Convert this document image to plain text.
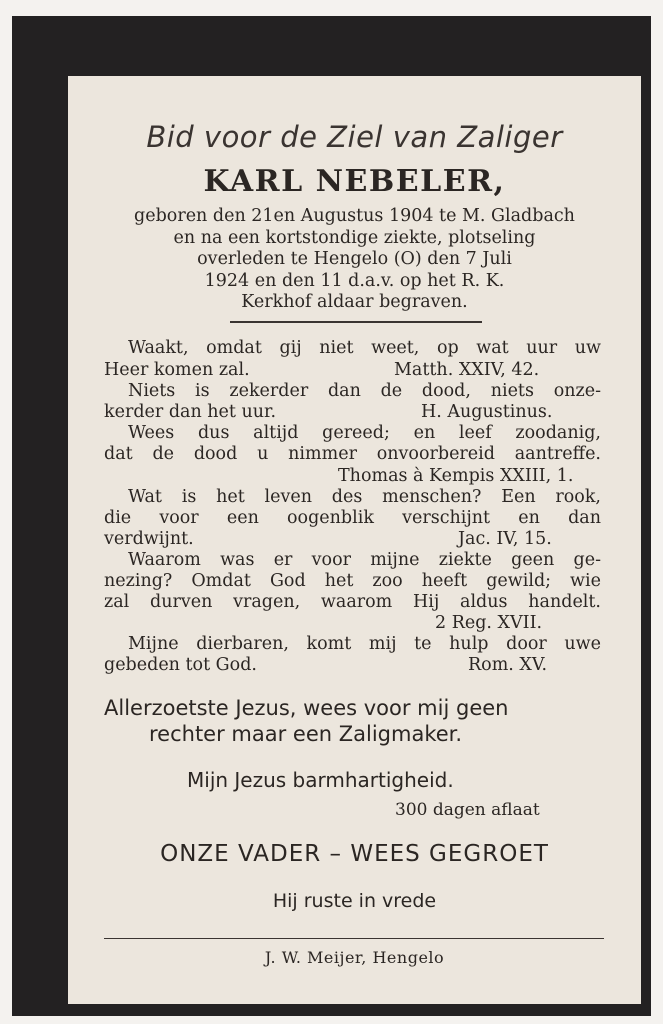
Bid voor de Ziel van Zaliger

KARL NEBELER,

geboren den 21en Augustus 1904 te M. Gladbach

en na een kortstondige ziekte, plotseling

overleden te Hengelo (O) den 7 Juli

1924 en den 11 d.a.v. op het R. K.

Kerkhof aldaar begraven.

Waakt, omdat gij niet weet, op wat uur uw
Heer komen zal.	Matth. XXIV, 42.
Niets is zekerder dan de dood, niets onze-
kerder dan het uur.	H. Augustinus.
Wees dus altijd gereed; en leef zoodanig,
dat de dood u nimmer onvoorbereid aantreffe.
Thomas à Kempis XXIII, 1.
Wat is het leven des menschen? Een rook,
die voor een oogenblik verschijnt en dan
verdwijnt.	Jac. IV, 15.
Waarom was er voor mijne ziekte geen ge-
nezing? Omdat God het zoo heeft gewild; wie
zal durven vragen, waarom Hij aldus handelt.
2 Reg. XVII.
Mijne dierbaren, komt mij te hulp door uwe
gebeden tot God.	Rom. XV.

Allerzoetste Jezus, wees voor mij geen

rechter maar een Zaligmaker.

Mijn Jezus barmhartigheid.

300 dagen aflaat

ONZE VADER – WEES GEGROET

Hij ruste in vrede

J. W. Meijer, Hengelo
